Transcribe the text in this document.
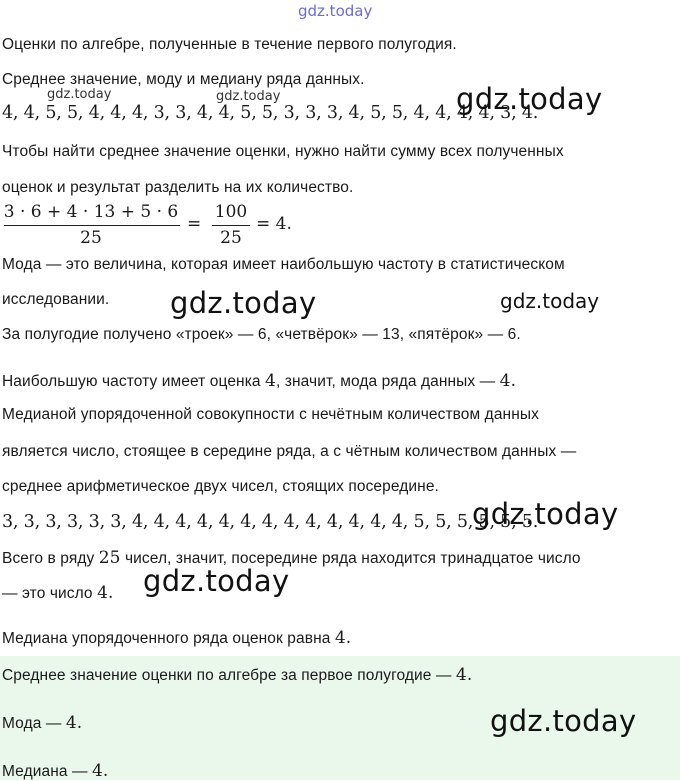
gdz.today
Оценки по алгебре, полученные в течение первого полугодия.
Среднее значение, моду и медиану ряда данных.
gdz.today	gdz.today
4, 4, 5, 5, 4, 4, 4, 3, 3, 4, 4, 5, 5, 3, 3, 3, 4, 5, 5, 4, 4, 4, 4, 3, 4.
gdz.today
Чтобы найти среднее значение оценки, нужно найти сумму всех полученных
оценок и результат разделить на их количество.
3 · 6 + 4 · 13 + 5 · 6
25
=
100
25
= 4.
Мода — это величина, которая имеет наибольшую частоту в статистическом
исследовании. gdz.today	gdz.today
За полугодие получено «троек» — 6, «четвёрок» — 13, «пятёрок» — 6.
Наибольшую частоту имеет оценка 4, значит, мода ряда данных — 4.
Медианой упорядоченной совокупности с нечётным количеством данных
является число, стоящее в середине ряда, а с чётным количеством данных —
среднее арифметическое двух чисел, стоящих посередине.
3, 3, 3, 3, 3, 3, 4, 4, 4, 4, 4, 4, 4, 4, 4, 4, 4, 4, 4, 5, 5, 5, 5, 5, 5.
gdz.today
Всего в ряду 25 чисел, значит, посередине ряда находится тринадцатое число
— это число 4. gdz.today
Медиана упорядоченного ряда оценок равна 4.
Среднее значение оценки по алгебре за первое полугодие — 4.
Мода — 4.	gdz.today
Медиана — 4.
